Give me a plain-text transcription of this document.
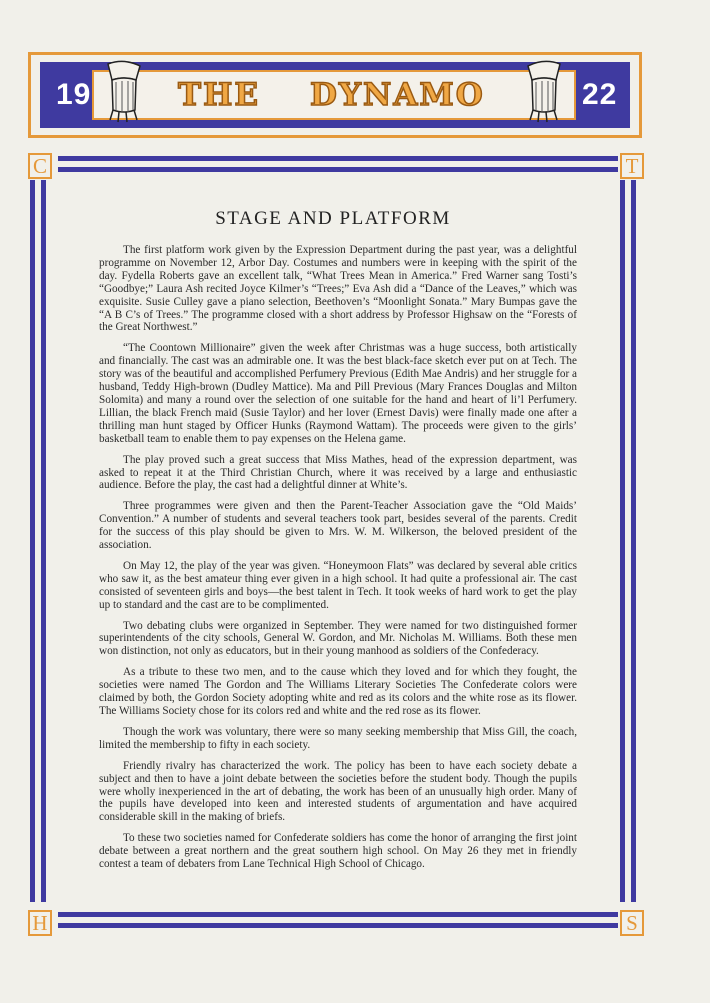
19	22
THE DYNAMO
C	T
H	S
STAGE AND PLATFORM

The first platform work given by the Expression Department during the past year, was a delightful programme on November 12, Arbor Day. Costumes and numbers were in keeping with the spirit of the day. Fydella Roberts gave an excellent talk, “What Trees Mean in America.” Fred Warner sang Tosti’s “Goodbye;” Laura Ash recited Joyce Kilmer’s “Trees;” Eva Ash did a “Dance of the Leaves,” which was exquisite. Susie Culley gave a piano selection, Beethoven’s “Moonlight Sonata.” Mary Bumpas gave the “A B C’s of Trees.” The programme closed with a short address by Professor Highsaw on the “Forests of the Great Northwest.”

“The Coontown Millionaire” given the week after Christmas was a huge success, both artistically and financially. The cast was an admirable one. It was the best black-face sketch ever put on at Tech. The story was of the beautiful and accomplished Perfumery Previous (Edith Mae Andris) and her struggle for a husband, Teddy High-brown (Dudley Mattice). Ma and Pill Previous (Mary Frances Douglas and Milton Solomita) and many a round over the selection of one suitable for the hand and heart of li’l Perfumery. Lillian, the black French maid (Susie Taylor) and her lover (Ernest Davis) were finally made one after a thrilling man hunt staged by Officer Hunks (Raymond Wattam). The proceeds were given to the girls’ basketball team to enable them to pay expenses on the Helena game.

The play proved such a great success that Miss Mathes, head of the expression department, was asked to repeat it at the Third Christian Church, where it was received by a large and enthusiastic audience. Before the play, the cast had a delightful dinner at White’s.

Three programmes were given and then the Parent-Teacher Association gave the “Old Maids’ Convention.” A number of students and several teachers took part, besides several of the parents. Credit for the success of this play should be given to Mrs. W. M. Wilkerson, the beloved president of the association.

On May 12, the play of the year was given. “Honeymoon Flats” was declared by several able critics who saw it, as the best amateur thing ever given in a high school. It had quite a professional air. The cast consisted of seventeen girls and boys—the best talent in Tech. It took weeks of hard work to get the play up to standard and the cast are to be complimented.

Two debating clubs were organized in September. They were named for two distinguished former superintendents of the city schools, General W. Gordon, and Mr. Nicholas M. Williams. Both these men won distinction, not only as educators, but in their young manhood as soldiers of the Confederacy.

As a tribute to these two men, and to the cause which they loved and for which they fought, the societies were named The Gordon and The Williams Literary Societies The Confederate colors were claimed by both, the Gordon Society adopting white and red as its colors and the white rose as its flower. The Williams Society chose for its colors red and white and the red rose as its flower.

Though the work was voluntary, there were so many seeking membership that Miss Gill, the coach, limited the membership to fifty in each society.

Friendly rivalry has characterized the work. The policy has been to have each society debate a subject and then to have a joint debate between the societies before the student body. Though the pupils were wholly inexperienced in the art of debating, the work has been of an unusually high order. Many of the pupils have developed into keen and interested students of argumentation and have acquired considerable skill in the making of briefs.

To these two societies named for Confederate soldiers has come the honor of arranging the first joint debate between a great northern and the great southern high school. On May 26 they met in friendly contest a team of debaters from Lane Technical High School of Chicago.
